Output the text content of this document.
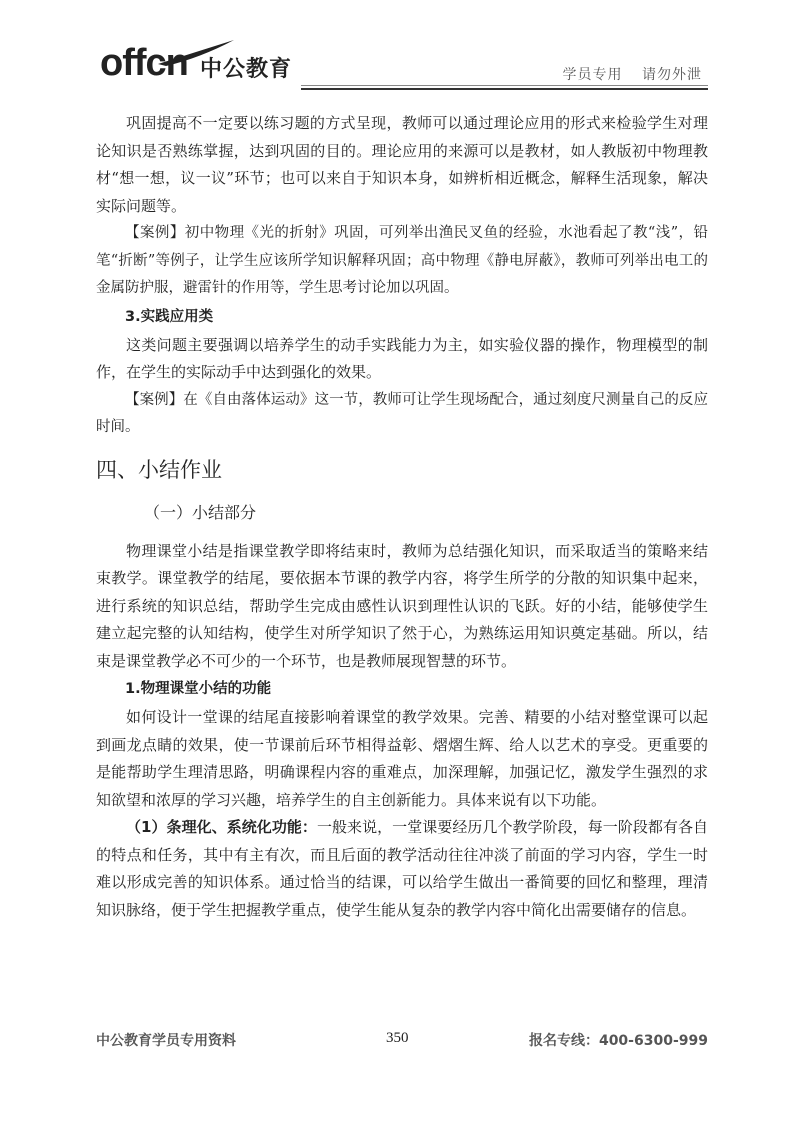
offcn 中公教育	学员专用 请勿外泄

巩固提高不一定要以练习题的方式呈现，教师可以通过理论应用的形式来检验学生对理论知识是否熟练掌握，达到巩固的目的。理论应用的来源可以是教材，如人教版初中物理教材“想一想，议一议”环节；也可以来自于知识本身，如辨析相近概念，解释生活现象，解决实际问题等。

【案例】初中物理《光的折射》巩固，可列举出渔民叉鱼的经验，水池看起了教“浅”，铅笔“折断”等例子，让学生应该所学知识解释巩固；高中物理《静电屏蔽》，教师可列举出电工的金属防护服，避雷针的作用等，学生思考讨论加以巩固。

3.实践应用类

这类问题主要强调以培养学生的动手实践能力为主，如实验仪器的操作，物理模型的制作，在学生的实际动手中达到强化的效果。

【案例】在《自由落体运动》这一节，教师可让学生现场配合，通过刻度尺测量自己的反应时间。

四、小结作业
（一）小结部分

物理课堂小结是指课堂教学即将结束时，教师为总结强化知识，而采取适当的策略来结束教学。课堂教学的结尾，要依据本节课的教学内容，将学生所学的分散的知识集中起来，进行系统的知识总结，帮助学生完成由感性认识到理性认识的飞跃。好的小结，能够使学生建立起完整的认知结构，使学生对所学知识了然于心，为熟练运用知识奠定基础。所以，结束是课堂教学必不可少的一个环节，也是教师展现智慧的环节。

1.物理课堂小结的功能

如何设计一堂课的结尾直接影响着课堂的教学效果。完善、精要的小结对整堂课可以起到画龙点睛的效果，使一节课前后环节相得益彰、熠熠生辉、给人以艺术的享受。更重要的是能帮助学生理清思路，明确课程内容的重难点，加深理解，加强记忆，激发学生强烈的求知欲望和浓厚的学习兴趣，培养学生的自主创新能力。具体来说有以下功能。

（1）条理化、系统化功能：一般来说，一堂课要经历几个教学阶段，每一阶段都有各自的特点和任务，其中有主有次，而且后面的教学活动往往冲淡了前面的学习内容，学生一时难以形成完善的知识体系。通过恰当的结课，可以给学生做出一番简要的回忆和整理，理清知识脉络，便于学生把握教学重点，使学生能从复杂的教学内容中简化出需要储存的信息。

中公教育学员专用资料	350	报名专线：400-6300-999
